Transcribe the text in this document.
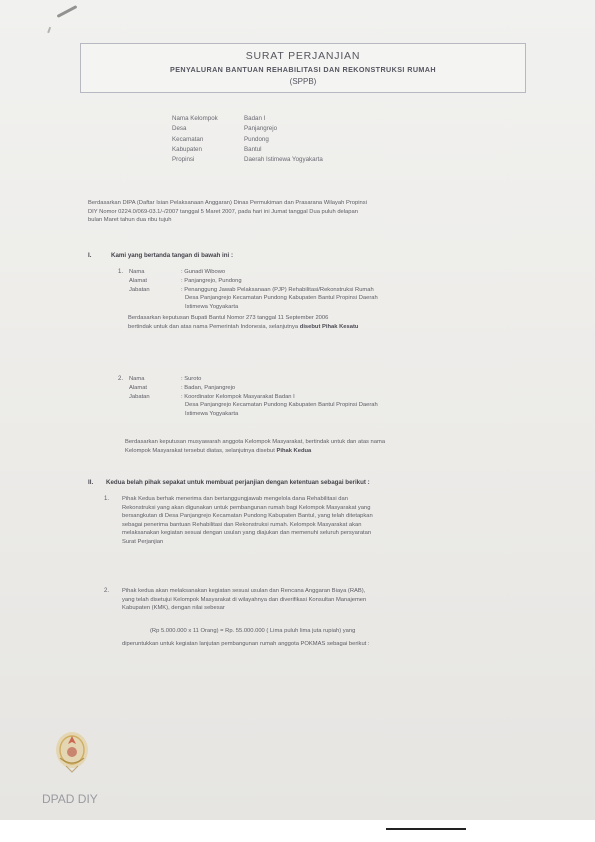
SURAT PERJANJIAN
PENYALURAN BANTUAN REHABILITASI DAN REKONSTRUKSI RUMAH
(SPPB)
Nama Kelompok	Badan I
Desa	Panjangrejo
Kecamatan	Pundong
Kabupaten	Bantul
Propinsi	Daerah Istimewa Yogyakarta
Berdasarkan DIPA (Daftar Isian Pelaksanaan Anggaran) Dinas Permukiman dan Prasarana Wilayah Propinsi
DIY Nomor 0224.0/069-03.1/-/2007 tanggal 5 Maret 2007, pada hari ini Jumat tanggal Dua puluh delapan
bulan Maret tahun dua ribu tujuh
I.	Kami yang bertanda tangan di bawah ini :
1. Nama	: Gunadi Wibowo
Alamat	: Panjangrejo, Pundong
Jabatan	: Penanggung Jawab Pelaksanaan (PJP) Rehabilitasi/Rekonstruksi Rumah
Desa Panjangrejo Kecamatan Pundong Kabupaten Bantul Propinsi Daerah
Istimewa Yogyakarta
Berdasarkan keputusan Bupati Bantul Nomor 273 tanggal 11 September 2006
bertindak untuk dan atas nama Pemerintah Indonesia, selanjutnya disebut Pihak Kesatu
2. Nama	: Suroto
Alamat	: Badan, Panjangrejo
Jabatan	: Koordinator Kelompok Masyarakat Badan I
Desa Panjangrejo Kecamatan Pundong Kabupaten Bantul Propinsi Daerah
Istimewa Yogyakarta
Berdasarkan keputusan musyawarah anggota Kelompok Masyarakat, bertindak untuk dan atas nama
Kelompok Masyarakat tersebut diatas, selanjutnya disebut Pihak Kedua
II. Kedua belah pihak sepakat untuk membuat perjanjian dengan ketentuan sebagai berikut :
1. Pihak Kedua berhak menerima dan bertanggungjawab mengelola dana Rehabilitasi dan
Rekonstruksi yang akan digunakan untuk pembangunan rumah bagi Kelompok Masyarakat yang
bersangkutan di Desa Panjangrejo Kecamatan Pundong Kabupaten Bantul, yang telah ditetapkan
sebagai penerima bantuan Rehabilitasi dan Rekonstruksi rumah. Kelompok Masyarakat akan
melaksanakan kegiatan sesuai dengan usulan yang diajukan dan memenuhi seluruh persyaratan
Surat Perjanjian
2. Pihak kedua akan melaksanakan kegiatan sesuai usulan dan Rencana Anggaran Biaya (RAB),
yang telah disetujui Kelompok Masyarakat di wilayahnya dan diverifikasi Konsultan Manajemen
Kabupaten (KMK), dengan nilai sebesar
(Rp 5.000.000 x 11 Orang) = Rp. 55.000.000 ( Lima puluh lima juta rupiah) yang
diperuntukkan untuk kegiatan lanjutan pembangunan rumah anggota POKMAS sebagai berikut :
DPAD DIY
